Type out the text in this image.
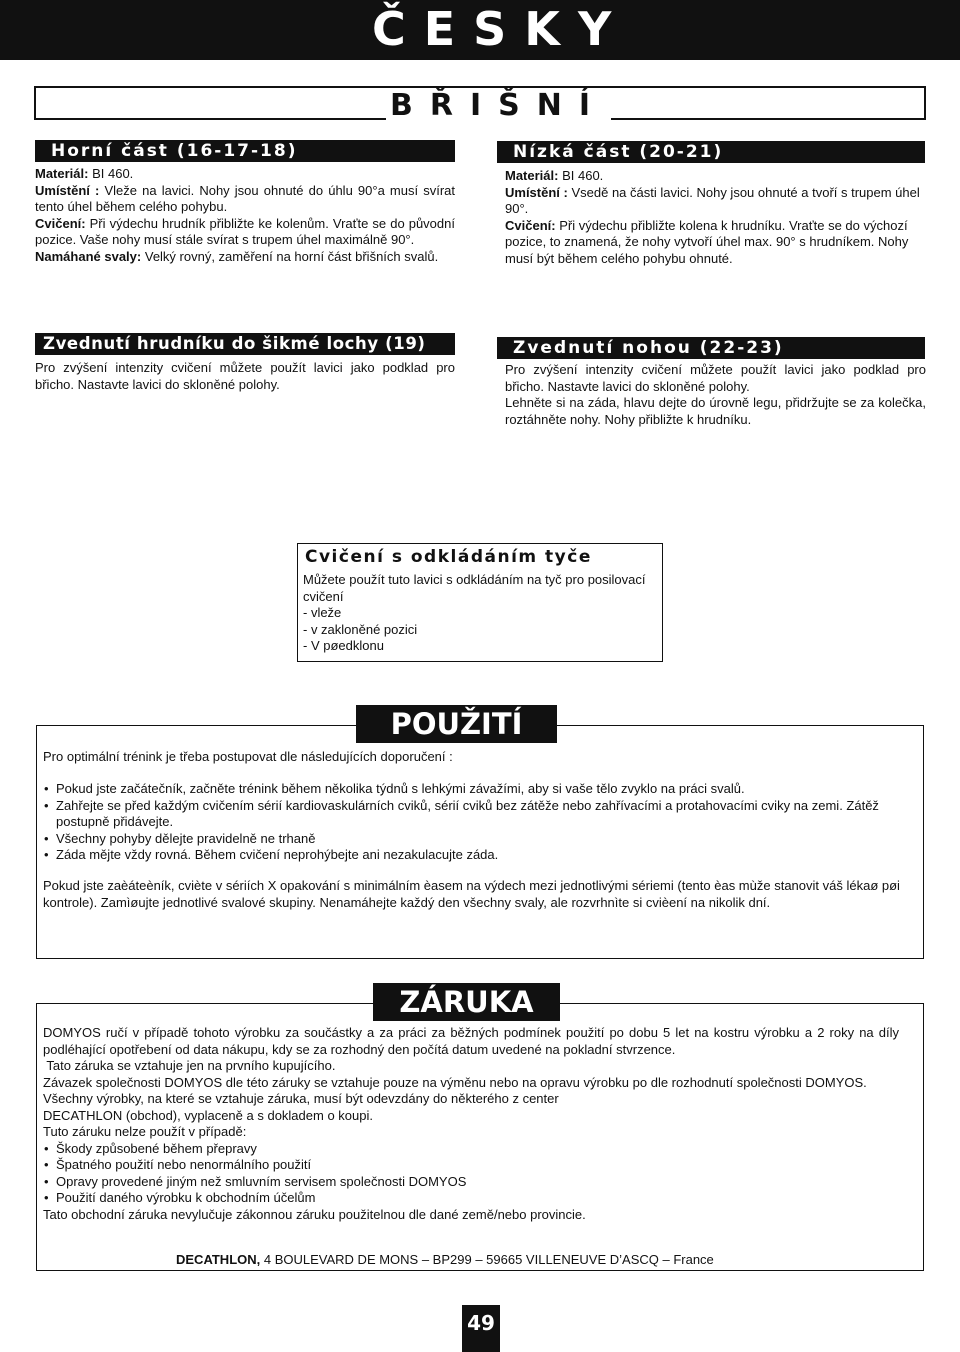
ČESKY
BŘIŠNÍ
Horní část (16-17-18)

Materiál: BI 460.

Umístění : Vleže na lavici. Nohy jsou ohnuté do úhlu 90°a musí svírat tento úhel během celého pohybu.

Cvičení: Při výdechu hrudník přibližte ke kolenům. Vraťte se do původní pozice. Vaše nohy musí stále svírat s trupem úhel maximálně 90°.

Namáhané svaly: Velký rovný, zaměření na horní část břišních svalů.

Nízká část (20-21)

Materiál: BI 460.

Umístění : Vsedě na části lavici. Nohy jsou ohnuté a tvoří s trupem úhel 90°.

Cvičení: Při výdechu přibližte kolena k hrudníku. Vraťte se do výchozí pozice, to znamená, že nohy vytvoří úhel max. 90° s hrudníkem. Nohy musí být během celého pohybu ohnuté.

Zvednutí hrudníku do šikmé lochy (19)
Pro zvýšení intenzity cvičení můžete použít lavici jako podklad pro břicho. Nastavte lavici do skloněné polohy.
Zvednutí nohou (22-23)

Pro zvýšení intenzity cvičení můžete použít lavici jako podklad pro břicho. Nastavte lavici do skloněné polohy.

Lehněte si na záda, hlavu dejte do úrovně legu, přidržujte se za kolečka, roztáhněte nohy. Nohy přibližte k hrudníku.

Cvičení s odkládáním tyče

Můžete použít tuto lavici s odkládáním na tyč pro posilovací cvičení

- vleže

- v zakloněné pozici

- V pøedklonu

POUŽITÍ
Pro optimální trénink je třeba postupovat dle následujících doporučení :
• Pokud jste začátečník, začněte trénink během několika týdnů s lehkými závažími, aby si vaše tělo zvyklo na práci svalů.
• Zahřejte se před každým cvičením sérií kardiovaskulárních cviků, sérií cviků bez zátěže nebo zahřívacími a protahovacími cviky na zemi. Zátěž postupně přidávejte.
• Všechny pohyby dělejte pravidelně ne trhaně
• Záda mějte vždy rovná. Během cvičení neprohýbejte ani nezakulacujte záda.
Pokud jste zaèáteèník, cviète v sériích X opakování s minimálním èasem na výdech mezi jednotlivými sériemi (tento èas mùže stanovit váš lékaø pøi kontrole). Zamìøujte jednotlivé svalové skupiny. Nenamáhejte každý den všechny svaly, ale rozvrhnìte si cvièení na nikolik dní.
ZÁRUKA

DOMYOS ručí v případě tohoto výrobku za součástky a za práci za běžných podmínek použití po dobu 5 let na kostru výrobku a 2 roky na díly podléhající opotřebení od data nákupu, kdy se za rozhodný den počítá datum uvedené na pokladní stvrzence.

Tato záruka se vztahuje jen na prvního kupujícího.

Závazek společnosti DOMYOS dle této záruky se vztahuje pouze na výměnu nebo na opravu výrobku po dle rozhodnutí společnosti DOMYOS.

Všechny výrobky, na které se vztahuje záruka, musí být odevzdány do některého z center

DECATHLON (obchod), vyplaceně a s dokladem o koupi.

Tuto záruku nelze použít v případě:

• Škody způsobené během přepravy
• Špatného použití nebo nenormálního použití
• Opravy provedené jiným než smluvním servisem společnosti DOMYOS
• Použití daného výrobku k obchodním účelům

Tato obchodní záruka nevylučuje zákonnou záruku použitelnou dle dané země/nebo provincie.

DECATHLON, 4 BOULEVARD DE MONS – BP299 – 59665 VILLENEUVE D’ASCQ – France
49
